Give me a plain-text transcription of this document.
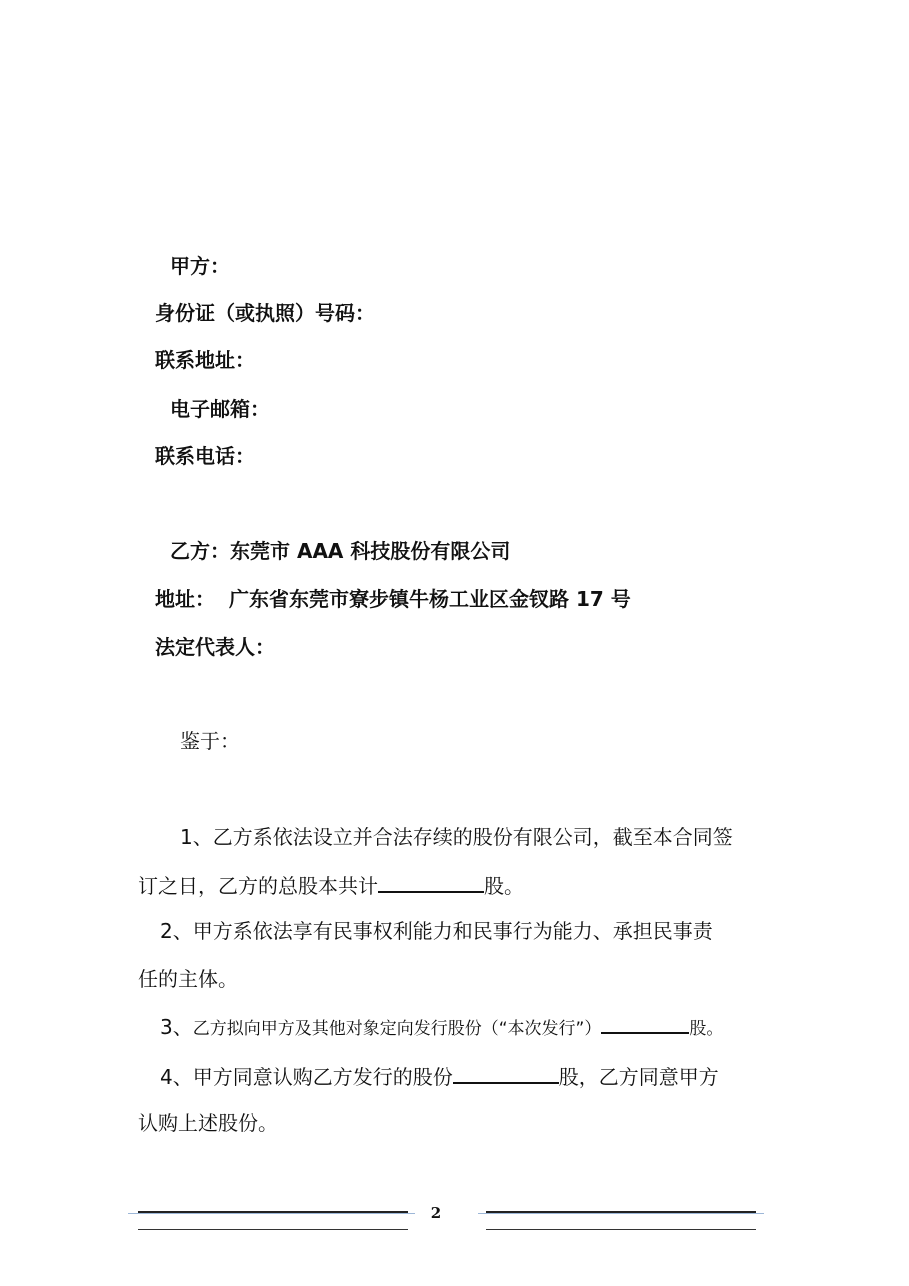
甲方：
身份证（或执照）号码：
联系地址：
电子邮箱：
联系电话：
乙方：东莞市 AAA 科技股份有限公司
地址： 广东省东莞市寮步镇牛杨工业区金钗路 17 号
法定代表人：
鉴于：
1、乙方系依法设立并合法存续的股份有限公司，截至本合同签
订之日，乙方的总股本共计	股。
2、甲方系依法享有民事权利能力和民事行为能力、承担民事责
任的主体。
3、乙方拟向甲方及其他对象定向发行股份（“本次发行”）	股。
4、甲方同意认购乙方发行的股份	股，乙方同意甲方
认购上述股份。
2
